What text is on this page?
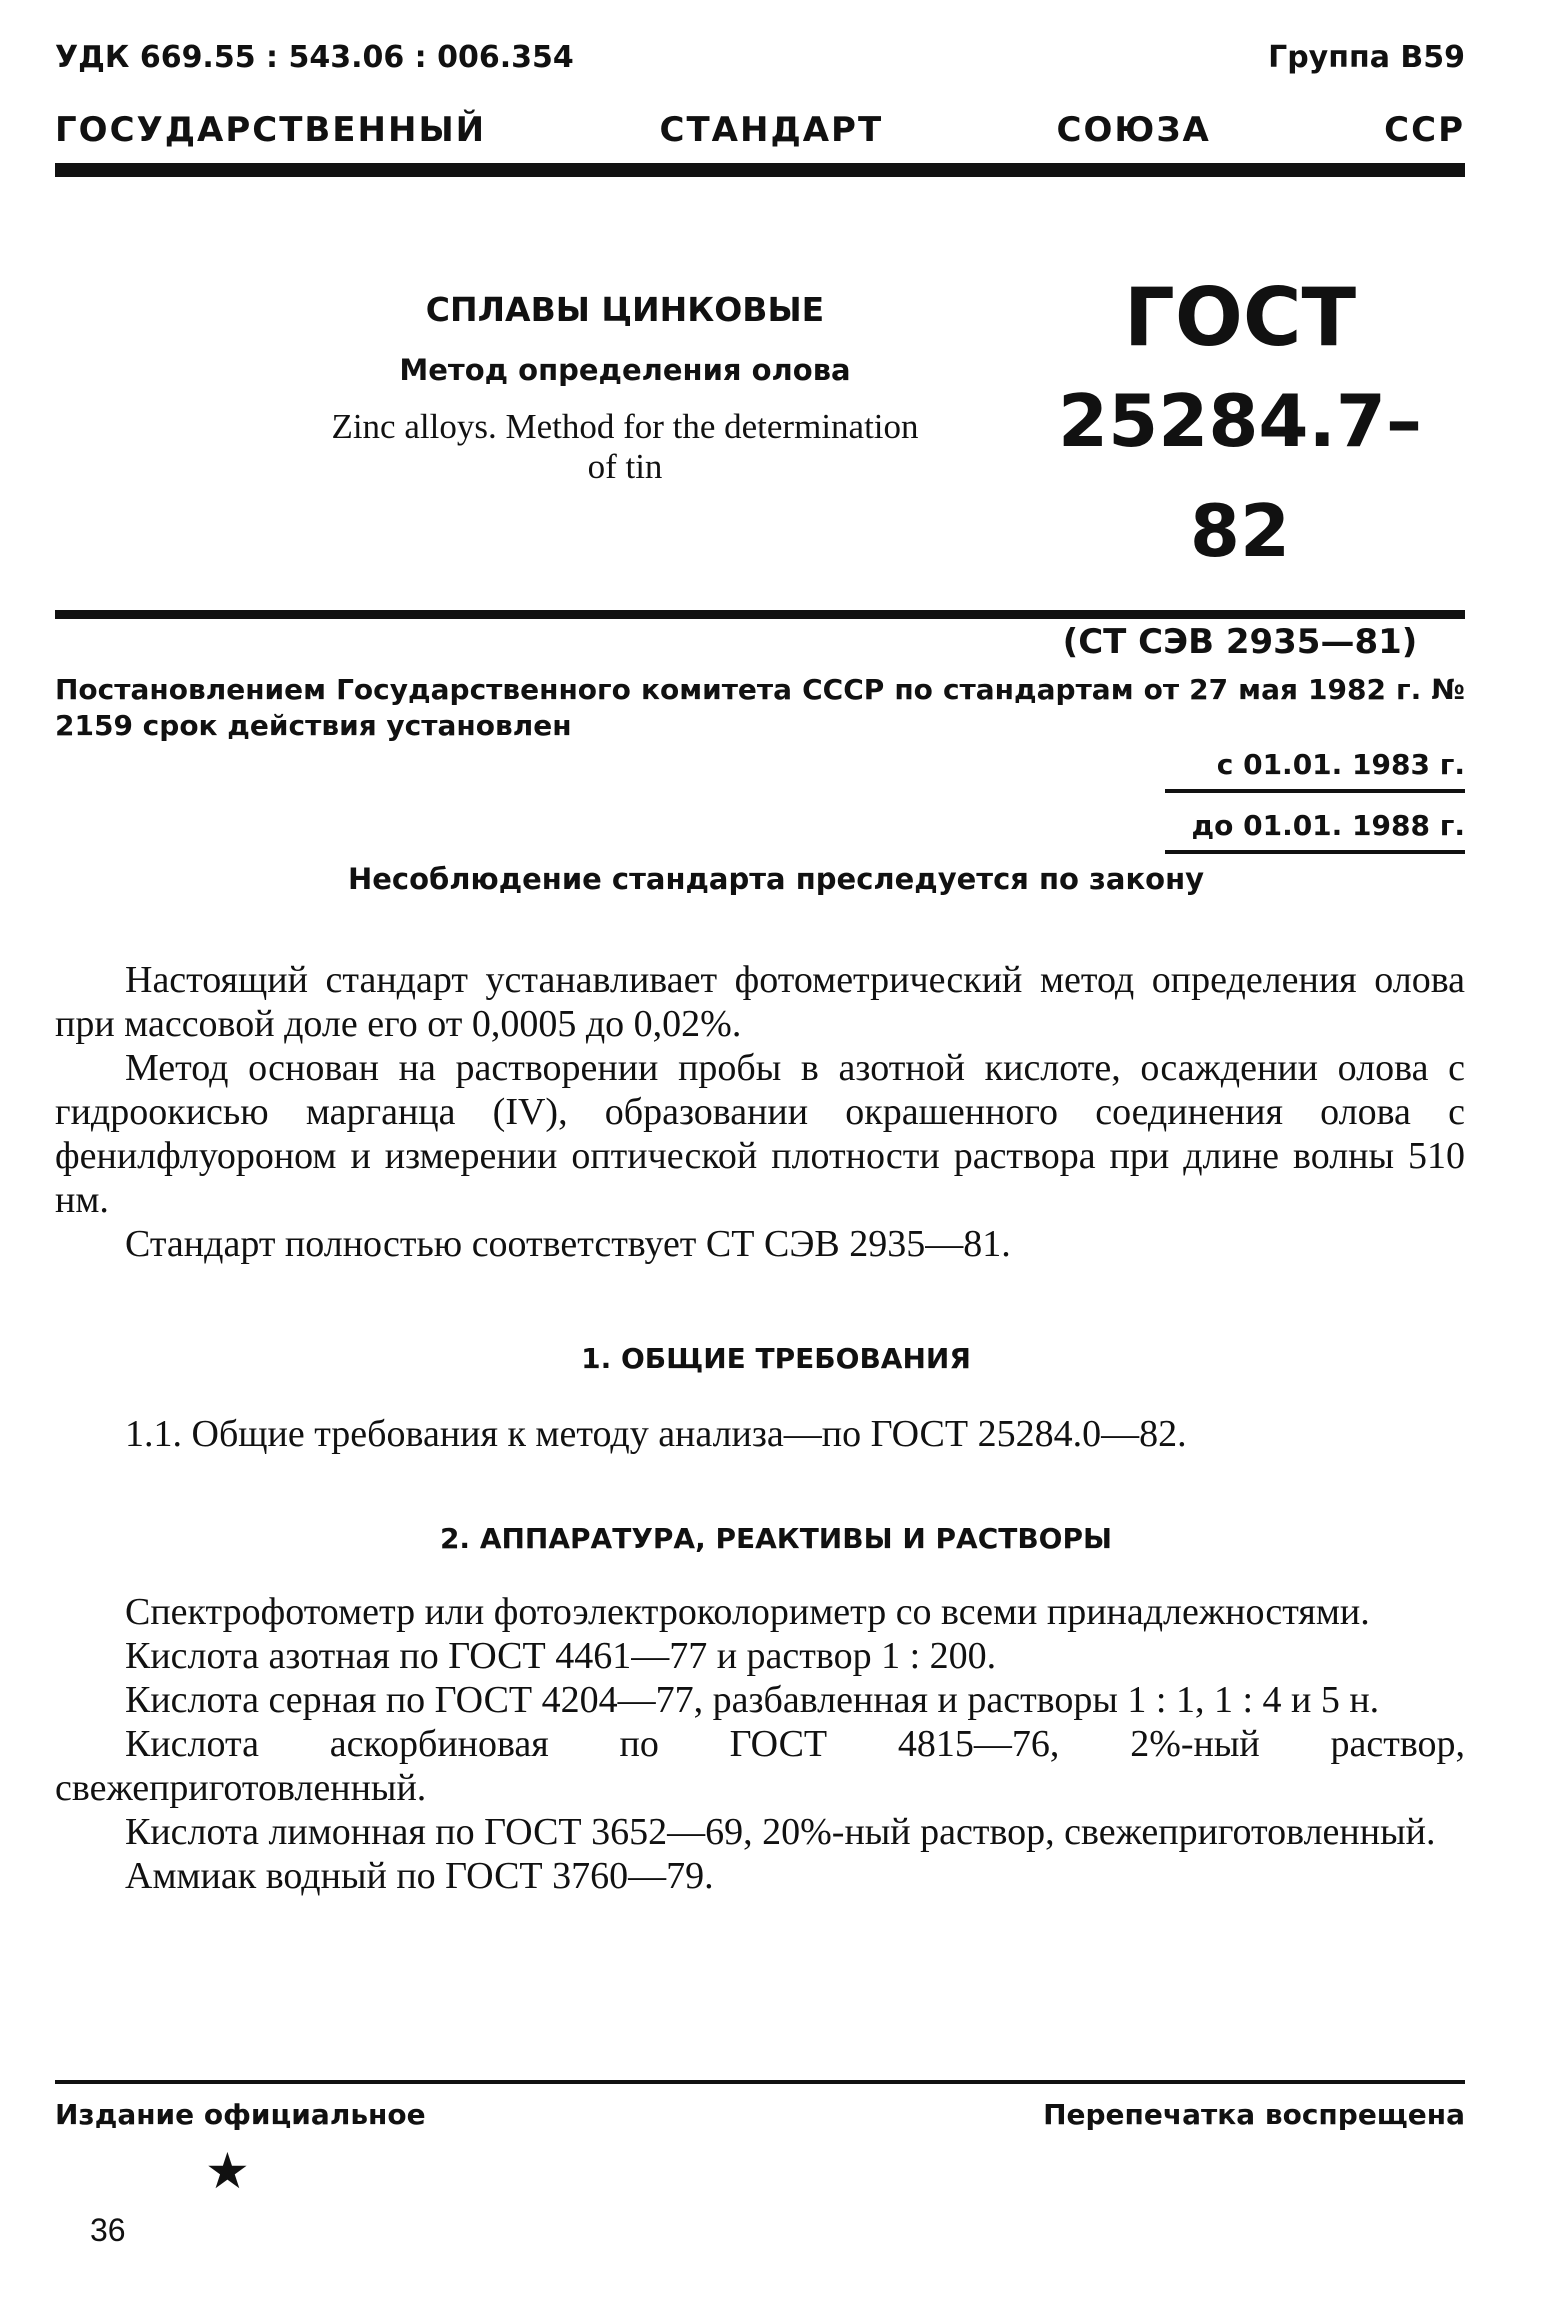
УДК 669.55 : 543.06 : 006.354	Группа В59
ГОСУДАРСТВЕННЫЙ	СТАНДАРТ	СОЮЗА	ССР
СПЛАВЫ ЦИНКОВЫЕ
Метод определения олова
Zinc alloys. Method for the determination
of tin
ГОСТ
25284.7–82
(СТ СЭВ 2935—81)
Постановлением Государственного комитета СССР по стандартам от 27 мая 1982 г. № 2159 срок действия установлен
с 01.01. 1983 г.
до 01.01. 1988 г.
Несоблюдение стандарта преследуется по закону

Настоящий стандарт устанавливает фотометрический метод определения олова при массовой доле его от 0,0005 до 0,02%.

Метод основан на растворении пробы в азотной кислоте, осаждении олова с гидроокисью марганца (IV), образовании окрашенного соединения олова с фенилфлуороном и измерении оптической плотности раствора при длине волны 510 нм.

Стандарт полностью соответствует СТ СЭВ 2935—81.

1. ОБЩИЕ ТРЕБОВАНИЯ

1.1. Общие требования к методу анализа—по ГОСТ 25284.0—82.

2. АППАРАТУРА, РЕАКТИВЫ И РАСТВОРЫ

Спектрофотометр или фотоэлектроколориметр со всеми принадлежностями.

Кислота азотная по ГОСТ 4461—77 и раствор 1 : 200.

Кислота серная по ГОСТ 4204—77, разбавленная и растворы 1 : 1, 1 : 4 и 5 н.

Кислота аскорбиновая по ГОСТ 4815—76, 2%-ный раствор, свежеприготовленный.

Кислота лимонная по ГОСТ 3652—69, 20%-ный раствор, свежеприготовленный.

Аммиак водный по ГОСТ 3760—79.

Издание официальное	Перепечатка воспрещена
★
36
